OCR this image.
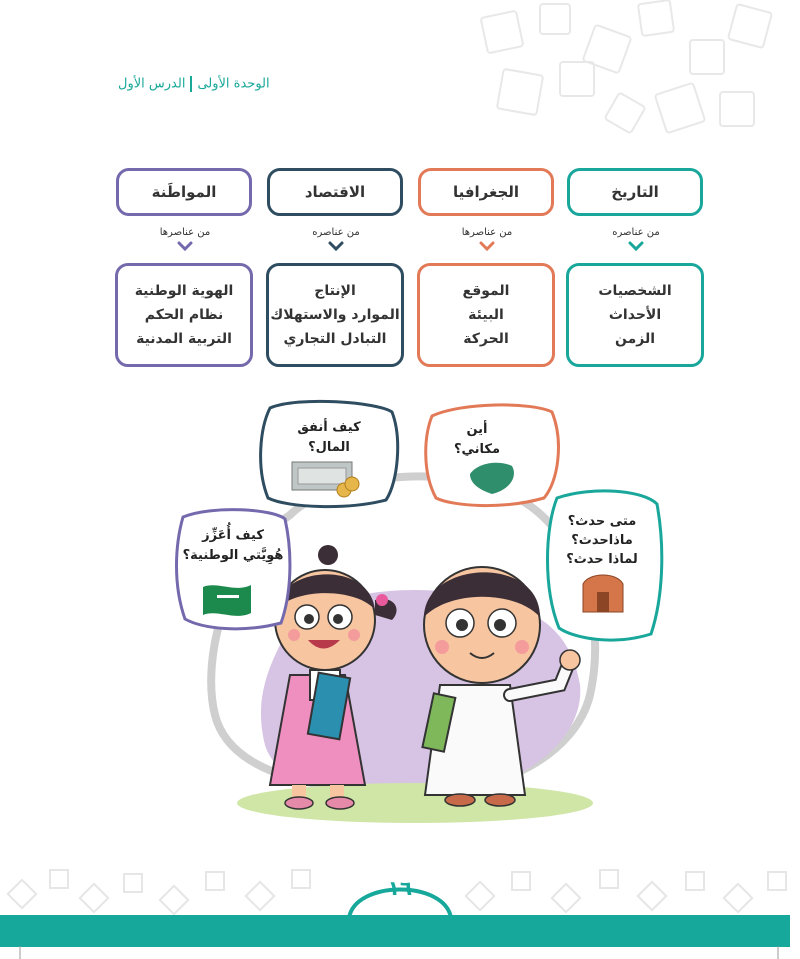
الوحدة الأولىالدرس الأول
التاريخ
الجغرافيا
الاقتصاد
المواطَنة
من عناصره
من عناصرها
من عناصره
من عناصرها
الشخصيات
الأحداث
الزمن
الموقع
البيئة
الحركة
الإنتاج
الموارد والاستهلاك
التبادل التجاري
الهوية الوطنية
نظام الحكم
التربية المدنية
كيف أنفق
المال؟
أين
مكاني؟
متى حدث؟
ماذاحدث؟
لماذا حدث؟
كيف أُعَزِّز
هُوِيَّتي الوطنية؟
١٦
